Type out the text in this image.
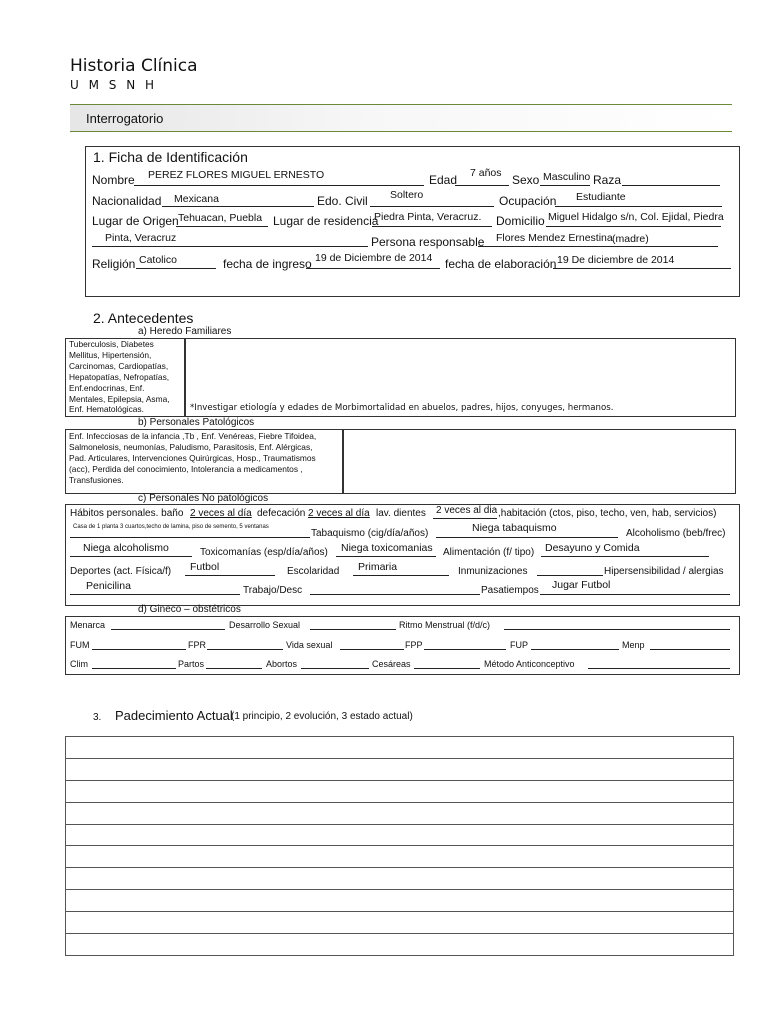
Historia Clínica
U M S N H
Interrogatorio
1. Ficha de Identificación
Nombre PEREZ FLORES MIGUEL ERNESTO	Edad 7 años Sexo Masculino Raza
Nacionalidad Mexicana	Edo. Civil Soltero	Ocupación Estudiante
Lugar de Origen Tehuacan, Puebla Lugar de residencia
Piedra Pinta, Veracruz. Domicilio Miguel Hidalgo s/n, Col. Ejidal, Piedra
Pinta, Veracruz	Persona responsable Flores Mendez Ernestina (madre)
Religión Catolico	fecha de ingreso 19 de Diciembre de 2014 fecha de elaboración 19 De diciembre de 2014
2. Antecedentes
a) Heredo Familiares
Tuberculosis, Diabetes
Mellitus, Hipertensión,
Carcinomas, Cardiopatías,
Hepatopatías, Nefropatías,
Enf.endocrinas, Enf.
Mentales, Epilepsia, Asma,
Enf. Hematológicas.	*Investigar etiología y edades de Morbimortalidad en abuelos, padres, hijos, conyuges, hermanos.
b) Personales Patológicos
Enf. Infecciosas de la infancia ,Tb , Enf. Venéreas, Fiebre Tifoidea,
Salmonelosis, neumonías, Paludismo, Parasitosis, Enf. Alérgicas,
Pad. Articulares, Intervenciones Quirúrgicas, Hosp., Traumatismos
(acc), Perdida del conocimiento, Intolerancia a medicamentos ,
Transfusiones.
c) Personales No patológicos
Hábitos personales. baño 2 veces al día defecación 2 veces al día lav. dientes 2 veces al dia ,habitación (ctos, piso, techo, ven, hab, servicios)
Casa de 1 planta 3 cuartos,techo de lamina, piso de semento, 5 ventanas
Tabaquismo (cig/día/años)	Niega tabaquismo	Alcoholismo (beb/frec)
Niega alcoholismo	Toxicomanías (esp/día/años) Niega toxicomanias Alimentación (f/ tipo) Desayuno y Comida
Deportes (act. Física/f) Futbol	Escolaridad Primaria	Inmunizaciones	Hipersensibilidad / alergias
Penicilina	Trabajo/Desc	Pasatiempos Jugar Futbol
d) Gineco – obstétricos
Menarca	Desarrollo Sexual	Ritmo Menstrual (f/d/c)
FUM	FPR	Vida sexual	FPP	FUP	Menp
Clim	Partos	Abortos	Cesáreas	Método Anticonceptivo
3. Padecimiento Actual
(1 principio, 2 evolución, 3 estado actual)
